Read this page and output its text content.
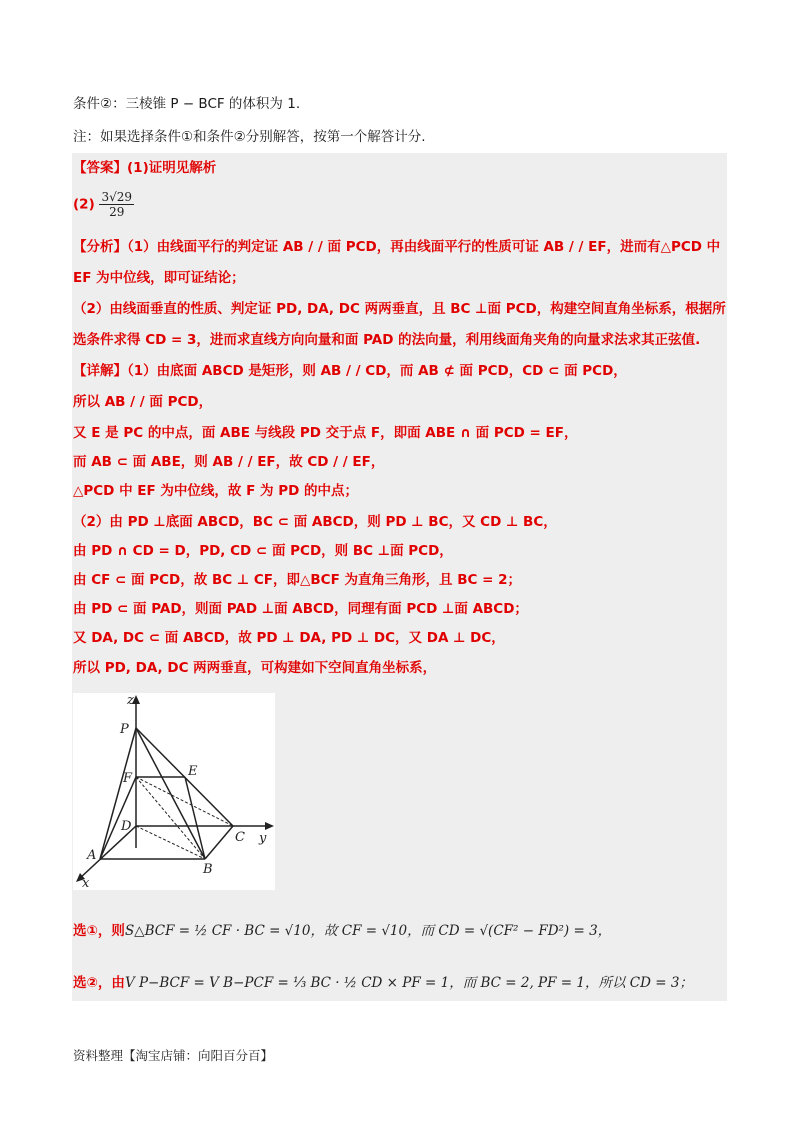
条件②：三棱锥 P − BCF 的体积为 1.
注：如果选择条件①和条件②分别解答，按第一个解答计分.
【答案】(1)证明见解析
$(2) \frac{3√29}{29}$
【分析】（1）由线面平行的判定证 AB / / 面 PCD，再由线面平行的性质可证 AB / / EF，进而有△PCD 中
EF 为中位线，即可证结论；
（2）由线面垂直的性质、判定证 PD, DA, DC 两两垂直，且 BC ⊥面 PCD，构建空间直角坐标系，根据所
选条件求得 CD = 3，进而求直线方向向量和面 PAD 的法向量，利用线面角夹角的向量求法求其正弦值.
【详解】（1）由底面 ABCD 是矩形，则 AB / / CD，而 AB ⊄ 面 PCD，CD ⊂ 面 PCD，
所以 AB / / 面 PCD，
又 E 是 PC 的中点，面 ABE 与线段 PD 交于点 F，即面 ABE ∩ 面 PCD = EF，
而 AB ⊂ 面 ABE，则 AB / / EF，故 CD / / EF，
△PCD 中 EF 为中位线，故 F 为 PD 的中点；
（2）由 PD ⊥底面 ABCD，BC ⊂ 面 ABCD，则 PD ⊥ BC，又 CD ⊥ BC，
由 PD ∩ CD = D，PD, CD ⊂ 面 PCD，则 BC ⊥面 PCD，
由 CF ⊂ 面 PCD，故 BC ⊥ CF，即△BCF 为直角三角形，且 BC = 2；
由 PD ⊂ 面 PAD，则面 PAD ⊥面 ABCD，同理有面 PCD ⊥面 ABCD；
又 DA, DC ⊂ 面 ABCD，故 PD ⊥ DA, PD ⊥ DC，又 DA ⊥ DC，
所以 PD, DA, DC 两两垂直，可构建如下空间直角坐标系，
z
P
F	E
D
C y
A
B
x
选①，则S△BCF = ½ CF · BC = √10，故 CF = √10，而 CD = √(CF² − FD²) = 3，
选②，由V P−BCF = V B−PCF = ⅓ BC · ½ CD × PF = 1，而 BC = 2, PF = 1，所以 CD = 3；
资料整理【淘宝店铺：向阳百分百】
